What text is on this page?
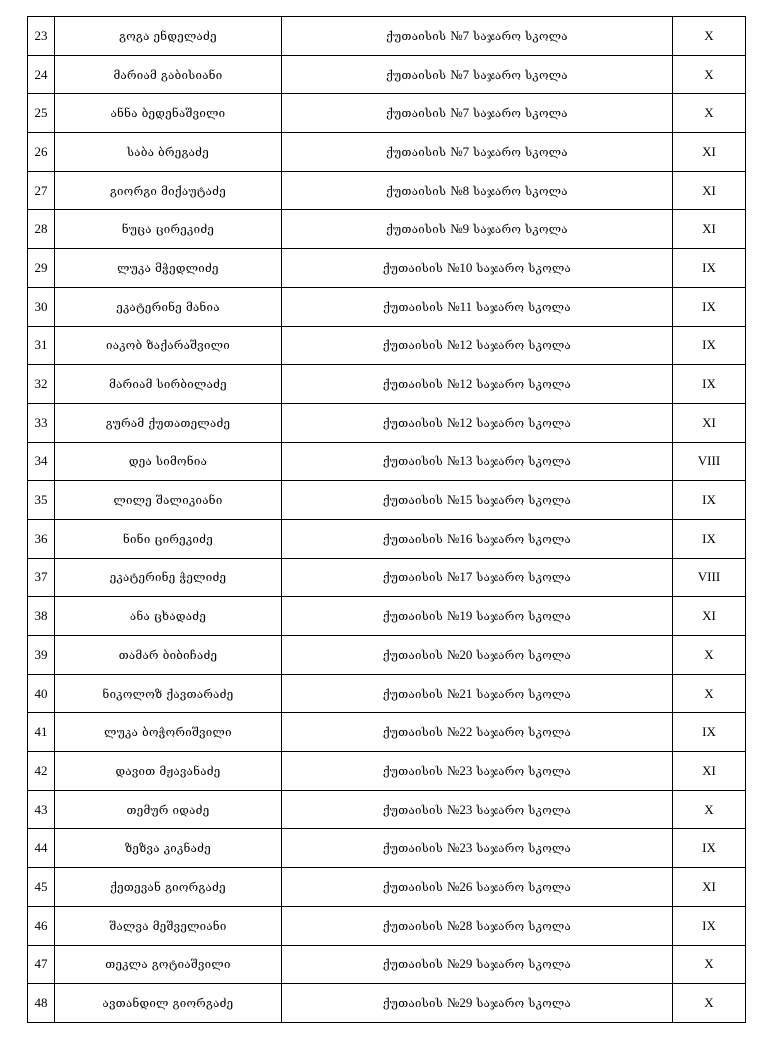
23	გოგა ენდელაძე	ქუთაისის №7 საჯარო სკოლა	X
24	მარიამ გაბისიანი	ქუთაისის №7 საჯარო სკოლა	X
25	ანნა ბედენაშვილი	ქუთაისის №7 საჯარო სკოლა	X
26	საბა ბრეგაძე	ქუთაისის №7 საჯარო სკოლა	XI
27	გიორგი მიქაუტაძე	ქუთაისის №8 საჯარო სკოლა	XI
28	ნუცა ცირეკიძე	ქუთაისის №9 საჯარო სკოლა	XI
29	ლუკა მჭედლიძე	ქუთაისის №10 საჯარო სკოლა	IX
30	ეკატერინე მანია	ქუთაისის №11 საჯარო სკოლა	IX
31	იაკობ ზაქარაშვილი	ქუთაისის №12 საჯარო სკოლა	IX
32	მარიამ სირბილაძე	ქუთაისის №12 საჯარო სკოლა	IX
33	გურამ ქუთათელაძე	ქუთაისის №12 საჯარო სკოლა	XI
34	დეა სიმონია	ქუთაისის №13 საჯარო სკოლა	VIII
35	ლილე შალიკიანი	ქუთაისის №15 საჯარო სკოლა	IX
36	ნინი ცირეკიძე	ქუთაისის №16 საჯარო სკოლა	IX
37	ეკატერინე ჭელიძე	ქუთაისის №17 საჯარო სკოლა	VIII
38	ანა ცხადაძე	ქუთაისის №19 საჯარო სკოლა	XI
39	თამარ ბიბიჩაძე	ქუთაისის №20 საჯარო სკოლა	X
40	ნიკოლოზ ქავთარაძე	ქუთაისის №21 საჯარო სკოლა	X
41	ლუკა ბოჭორიშვილი	ქუთაისის №22 საჯარო სკოლა	IX
42	დავით მჟავანაძე	ქუთაისის №23 საჯარო სკოლა	XI
43	თემურ იდაძე	ქუთაისის №23 საჯარო სკოლა	X
44	ზეზვა კიკნაძე	ქუთაისის №23 საჯარო სკოლა	IX
45	ქეთევან გიორგაძე	ქუთაისის №26 საჯარო სკოლა	XI
46	შალვა მეშველიანი	ქუთაისის №28 საჯარო სკოლა	IX
47	თეკლა გოტიაშვილი	ქუთაისის №29 საჯარო სკოლა	X
48	ავთანდილ გიორგაძე	ქუთაისის №29 საჯარო სკოლა	X
